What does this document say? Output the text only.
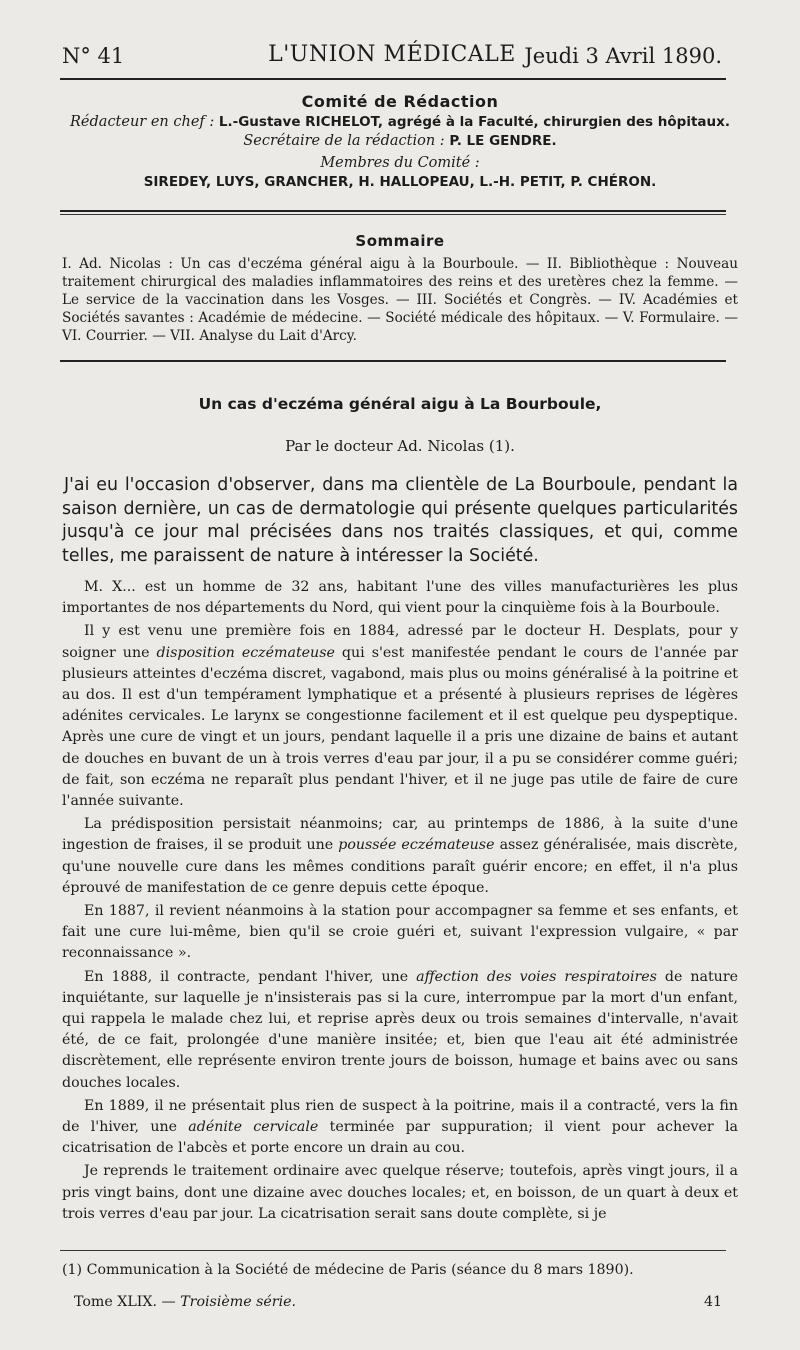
N° 41	L'UNION MÉDICALE Jeudi 3 Avril 1890.
Comité de Rédaction
Rédacteur en chef : L.-Gustave RICHELOT, agrégé à la Faculté, chirurgien des hôpitaux.
Secrétaire de la rédaction : P. LE GENDRE.
Membres du Comité :
SIREDEY, LUYS, GRANCHER, H. HALLOPEAU, L.-H. PETIT, P. CHÉRON.
Sommaire
I. Ad. Nicolas : Un cas d'eczéma général aigu à la Bourboule. — II. Bibliothèque : Nouveau traitement chirurgical des maladies inflammatoires des reins et des uretères chez la femme. — Le service de la vaccination dans les Vosges. — III. Sociétés et Congrès. — IV. Académies et Sociétés savantes : Académie de médecine. — Société médicale des hôpitaux. — V. Formulaire. — VI. Courrier. — VII. Analyse du Lait d'Arcy.
Un cas d'eczéma général aigu à La Bourboule,
Par le docteur Ad. Nicolas (1).
J'ai eu l'occasion d'observer, dans ma clientèle de La Bourboule, pendant la saison dernière, un cas de dermatologie qui présente quelques particularités jusqu'à ce jour mal précisées dans nos traités classiques, et qui, comme telles, me paraissent de nature à intéresser la Société.

M. X... est un homme de 32 ans, habitant l'une des villes manufacturières les plus importantes de nos départements du Nord, qui vient pour la cinquième fois à la Bourboule.

Il y est venu une première fois en 1884, adressé par le docteur H. Desplats, pour y soigner une disposition eczémateuse qui s'est manifestée pendant le cours de l'année par plusieurs atteintes d'eczéma discret, vagabond, mais plus ou moins généralisé à la poitrine et au dos. Il est d'un tempérament lymphatique et a présenté à plusieurs reprises de légères adénites cervicales. Le larynx se congestionne facilement et il est quelque peu dyspeptique. Après une cure de vingt et un jours, pendant laquelle il a pris une dizaine de bains et autant de douches en buvant de un à trois verres d'eau par jour, il a pu se considérer comme guéri; de fait, son eczéma ne reparaît plus pendant l'hiver, et il ne juge pas utile de faire de cure l'année suivante.

La prédisposition persistait néanmoins; car, au printemps de 1886, à la suite d'une ingestion de fraises, il se produit une poussée eczémateuse assez généralisée, mais discrète, qu'une nouvelle cure dans les mêmes conditions paraît guérir encore; en effet, il n'a plus éprouvé de manifestation de ce genre depuis cette époque.

En 1887, il revient néanmoins à la station pour accompagner sa femme et ses enfants, et fait une cure lui-même, bien qu'il se croie guéri et, suivant l'expression vulgaire, « par reconnaissance ».

En 1888, il contracte, pendant l'hiver, une affection des voies respiratoires de nature inquiétante, sur laquelle je n'insisterais pas si la cure, interrompue par la mort d'un enfant, qui rappela le malade chez lui, et reprise après deux ou trois semaines d'intervalle, n'avait été, de ce fait, prolongée d'une manière insitée; et, bien que l'eau ait été administrée discrètement, elle représente environ trente jours de boisson, humage et bains avec ou sans douches locales.

En 1889, il ne présentait plus rien de suspect à la poitrine, mais il a contracté, vers la fin de l'hiver, une adénite cervicale terminée par suppuration; il vient pour achever la cicatrisation de l'abcès et porte encore un drain au cou.

Je reprends le traitement ordinaire avec quelque réserve; toutefois, après vingt jours, il a pris vingt bains, dont une dizaine avec douches locales; et, en boisson, de un quart à deux et trois verres d'eau par jour. La cicatrisation serait sans doute complète, si je

(1) Communication à la Société de médecine de Paris (séance du 8 mars 1890).
Tome XLIX. — Troisième série.	41
